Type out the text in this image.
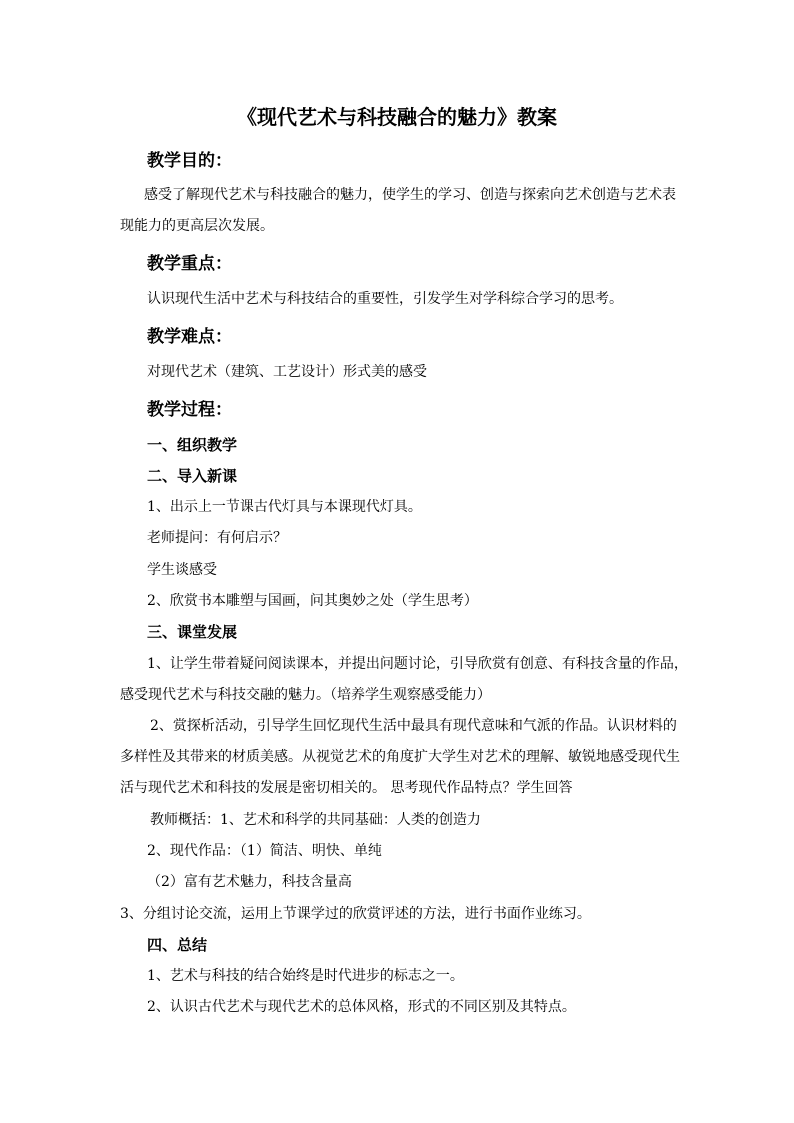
《现代艺术与科技融合的魅力》教案
教学目的：
感受了解现代艺术与科技融合的魅力，使学生的学习、创造与探索向艺术创造与艺术表
现能力的更高层次发展。
教学重点：
认识现代生活中艺术与科技结合的重要性，引发学生对学科综合学习的思考。
教学难点：
对现代艺术（建筑、工艺设计）形式美的感受
教学过程：
一、组织教学
二、导入新课
1、出示上一节课古代灯具与本课现代灯具。
老师提问：有何启示？
学生谈感受
2、欣赏书本雕塑与国画，问其奥妙之处（学生思考）
三、课堂发展
1、让学生带着疑问阅读课本，并提出问题讨论，引导欣赏有创意、有科技含量的作品，
感受现代艺术与科技交融的魅力。（培养学生观察感受能力）
2、赏探析活动，引导学生回忆现代生活中最具有现代意味和气派的作品。认识材料的
多样性及其带来的材质美感。从视觉艺术的角度扩大学生对艺术的理解、敏锐地感受现代生
活与现代艺术和科技的发展是密切相关的。 思考现代作品特点？学生回答
教师概括：1、艺术和科学的共同基础：人类的创造力
2、现代作品：（1）简洁、明快、单纯
（2）富有艺术魅力，科技含量高
3、分组讨论交流，运用上节课学过的欣赏评述的方法，进行书面作业练习。
四、总结
1、艺术与科技的结合始终是时代进步的标志之一。
2、认识古代艺术与现代艺术的总体风格，形式的不同区别及其特点。
